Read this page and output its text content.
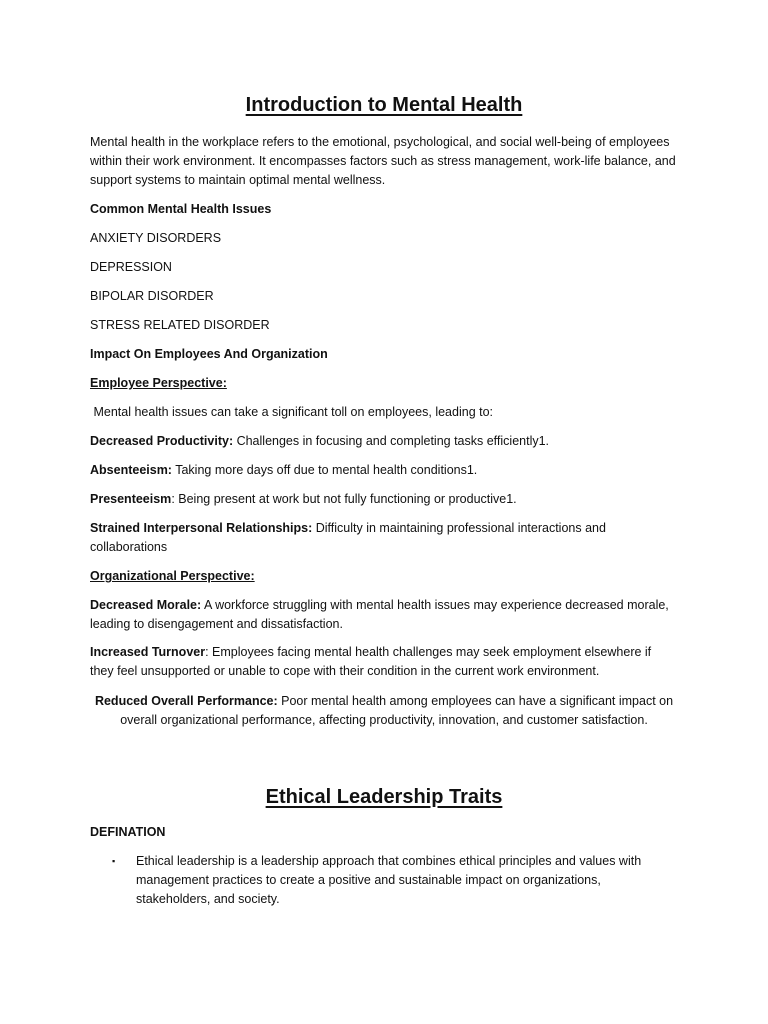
Introduction to Mental Health
Mental health in the workplace refers to the emotional, psychological, and social well-being of employees within their work environment. It encompasses factors such as stress management, work-life balance, and support systems to maintain optimal mental wellness.
Common Mental Health Issues
ANXIETY DISORDERS
DEPRESSION
BIPOLAR DISORDER
STRESS RELATED DISORDER
Impact On Employees And Organization
Employee Perspective:
Mental health issues can take a significant toll on employees, leading to:
Decreased Productivity: Challenges in focusing and completing tasks efficiently1.
Absenteeism: Taking more days off due to mental health conditions1.
Presenteeism: Being present at work but not fully functioning or productive1.
Strained Interpersonal Relationships: Difficulty in maintaining professional interactions and collaborations
Organizational Perspective:
Decreased Morale: A workforce struggling with mental health issues may experience decreased morale, leading to disengagement and dissatisfaction.
Increased Turnover: Employees facing mental health challenges may seek employment elsewhere if they feel unsupported or unable to cope with their condition in the current work environment.
Reduced Overall Performance: Poor mental health among employees can have a significant impact on overall organizational performance, affecting productivity, innovation, and customer satisfaction.
Ethical Leadership Traits
DEFINATION
▪ Ethical leadership is a leadership approach that combines ethical principles and values with management practices to create a positive and sustainable impact on organizations, stakeholders, and society.
